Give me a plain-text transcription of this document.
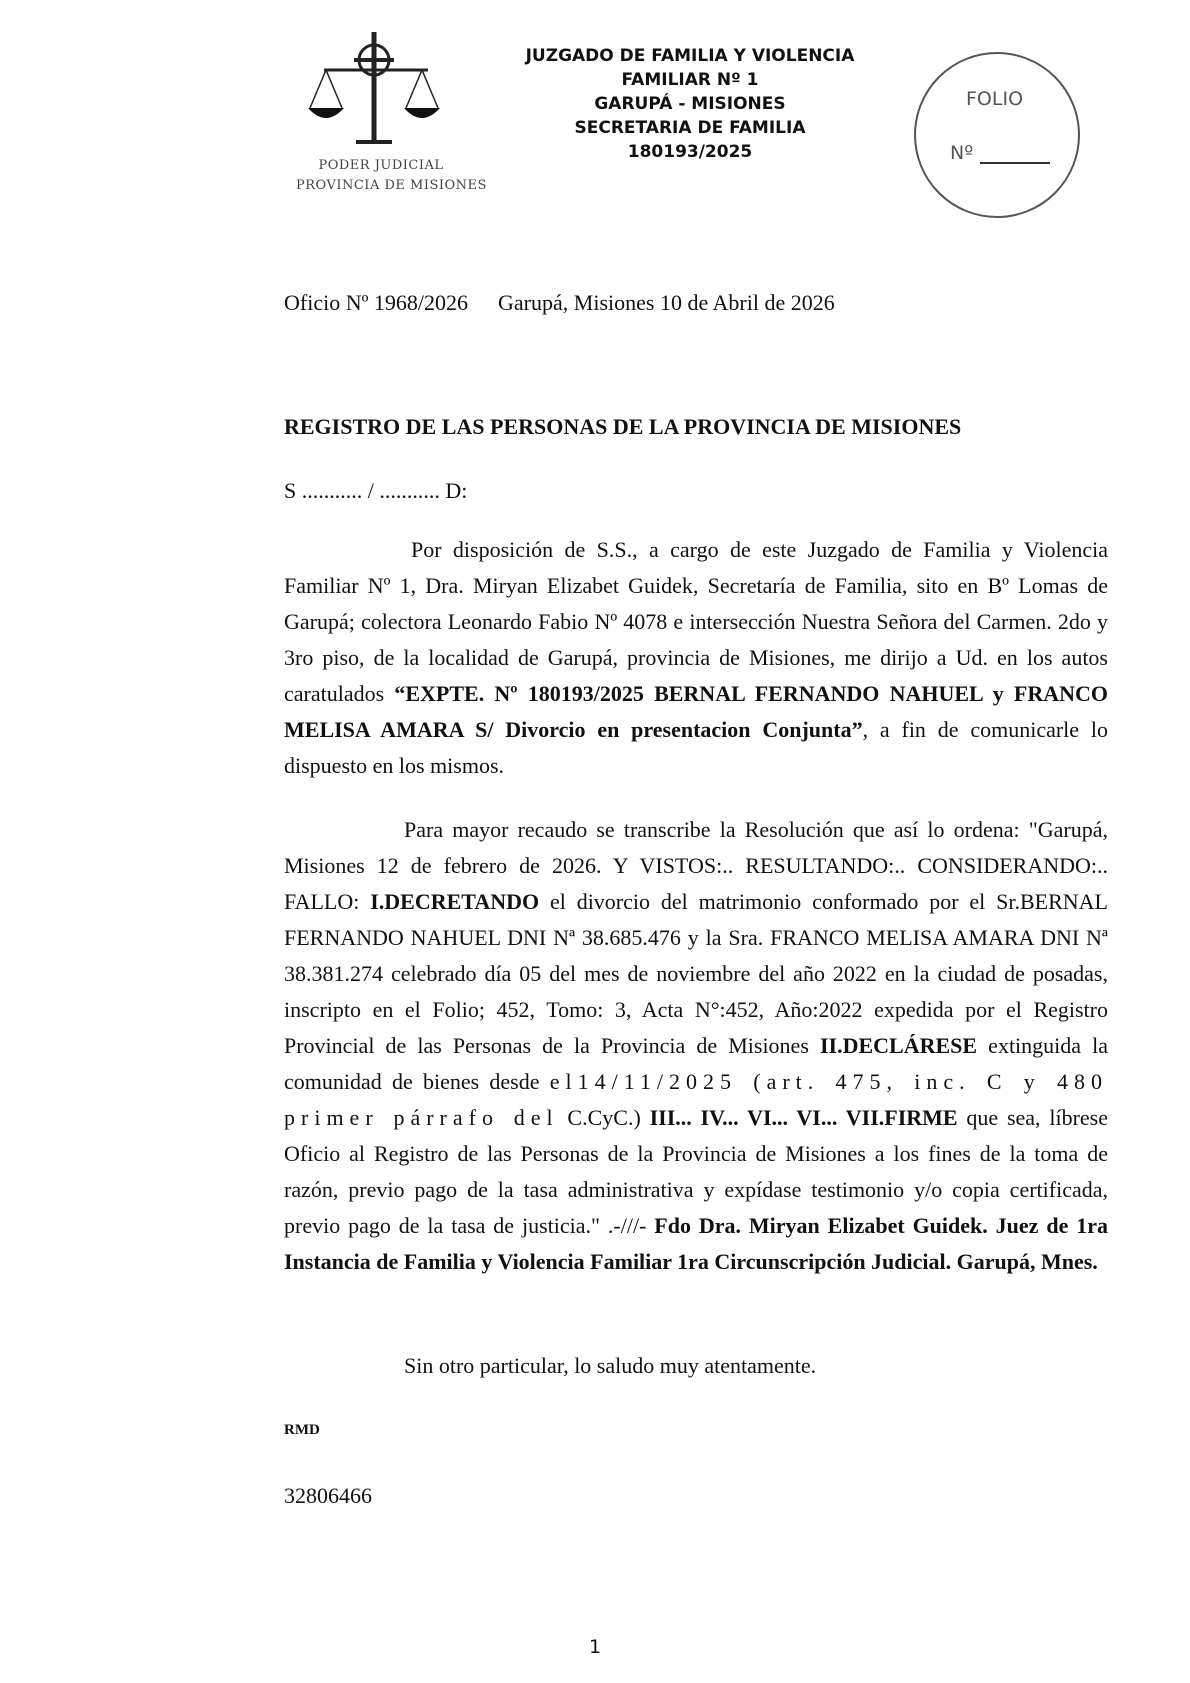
PODER JUDICIAL
PROVINCIA DE MISIONES
JUZGADO DE FAMILIA Y VIOLENCIA
FAMILIAR Nº 1
GARUPÁ - MISIONES
SECRETARIA DE FAMILIA
180193/2025
FOLIO
Nº
Oficio Nº 1968/2026 Garupá, Misiones 10 de Abril de 2026
REGISTRO DE LAS PERSONAS DE LA PROVINCIA DE MISIONES
S ........... / ........... D:

Por disposición de S.S., a cargo de este Juzgado de Familia y Violencia Familiar Nº 1, Dra. Miryan Elizabet Guidek, Secretaría de Familia, sito en Bº Lomas de Garupá; colectora Leonardo Fabio Nº 4078 e intersección Nuestra Señora del Carmen. 2do y 3ro piso, de la localidad de Garupá, provincia de Misiones, me dirijo a Ud. en los autos caratulados “EXPTE. Nº 180193/2025 BERNAL FERNANDO NAHUEL y FRANCO MELISA AMARA S/ Divorcio en presentacion Conjunta”, a fin de comunicarle lo dispuesto en los mismos.

Para mayor recaudo se transcribe la Resolución que así lo ordena: "Garupá, Misiones 12 de febrero de 2026. Y VISTOS:.. RESULTANDO:.. CONSIDERANDO:.. FALLO: I.DECRETANDO el divorcio del matrimonio conformado por el Sr.BERNAL FERNANDO NAHUEL DNI Nª 38.685.476 y la Sra. FRANCO MELISA AMARA DNI Nª 38.381.274 celebrado día 05 del mes de noviembre del año 2022 en la ciudad de posadas, inscripto en el Folio; 452, Tomo: 3, Acta N°:452, Año:2022 expedida por el Registro Provincial de las Personas de la Provincia de Misiones II.DECLÁRESE extinguida la comunidad de bienes desde el14/11/2025 (art. 475, inc. C y 480 primer párrafo del C.CyC.) III... IV... VI... VI... VII.FIRME que sea, líbrese Oficio al Registro de las Personas de la Provincia de Misiones a los fines de la toma de razón, previo pago de la tasa administrativa y expídase testimonio y/o copia certificada, previo pago de la tasa de justicia." .-///- Fdo Dra. Miryan Elizabet Guidek. Juez de 1ra Instancia de Familia y Violencia Familiar 1ra Circunscripción Judicial. Garupá, Mnes.

Sin otro particular, lo saludo muy atentamente.
RMD
32806466
1
